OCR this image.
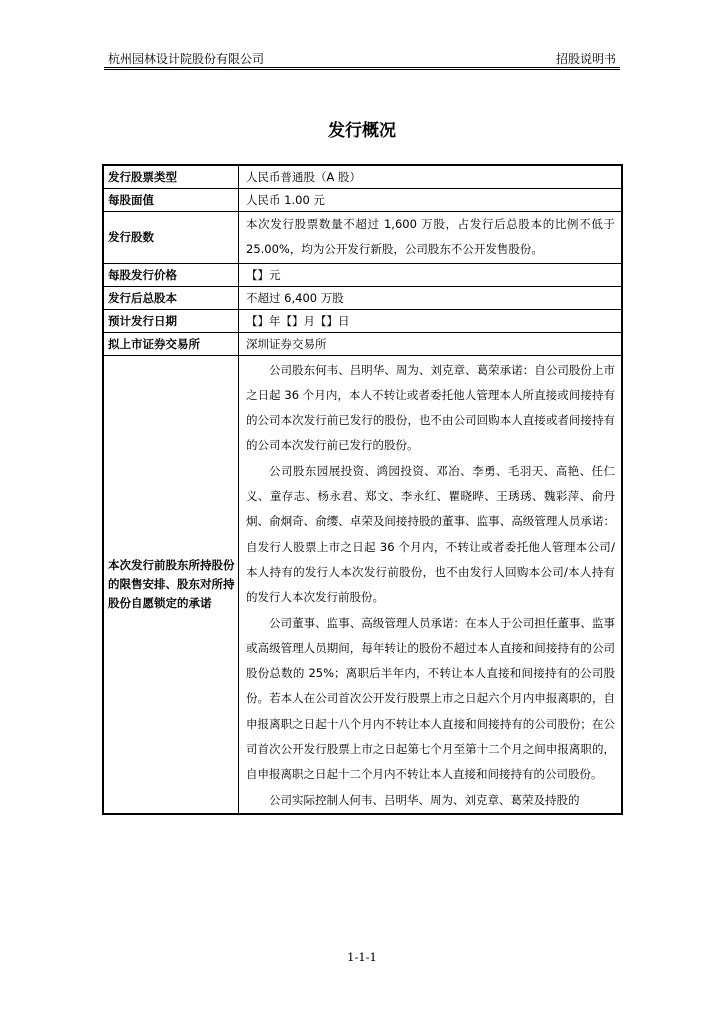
杭州园林设计院股份有限公司	招股说明书
发行概况
发行股票类型	人民币普通股（A 股）
每股面值	人民币 1.00 元
发行股数	本次发行股票数量不超过 1,600 万股，占发行后总股本的比例不低于 25.00%，均为公开发行新股，公司股东不公开发售股份。

每股发行价格	【】元
发行后总股本	不超过 6,400 万股
预计发行日期	【】年【】月【】日
拟上市证券交易所	深圳证券交易所
本次发行前股东所持股份的限售安排、股东对所持股份自愿锁定的承诺	公司股东何韦、吕明华、周为、刘克章、葛荣承诺：自公司股份上市之日起 36 个月内，本人不转让或者委托他人管理本人所直接或间接持有的公司本次发行前已发行的股份，也不由公司回购本人直接或者间接持有的公司本次发行前已发行的股份。

公司股东园展投资、鸿园投资、邓冶、李勇、毛羽天、高艳、任仁义、童存志、杨永君、郑文、李永红、瞿晓晔、王琇琇、魏彩萍、俞丹炯、俞炯奇、俞缨、卓荣及间接持股的董事、监事、高级管理人员承诺：自发行人股票上市之日起 36 个月内，不转让或者委托他人管理本公司/本人持有的发行人本次发行前股份，也不由发行人回购本公司/本人持有的发行人本次发行前股份。

公司董事、监事、高级管理人员承诺：在本人于公司担任董事、监事或高级管理人员期间，每年转让的股份不超过本人直接和间接持有的公司股份总数的 25%；离职后半年内，不转让本人直接和间接持有的公司股份。若本人在公司首次公开发行股票上市之日起六个月内申报离职的，自申报离职之日起十八个月内不转让本人直接和间接持有的公司股份；在公司首次公开发行股票上市之日起第七个月至第十二个月之间申报离职的，自申报离职之日起十二个月内不转让本人直接和间接持有的公司股份。

公司实际控制人何韦、吕明华、周为、刘克章、葛荣及持股的

1-1-1
